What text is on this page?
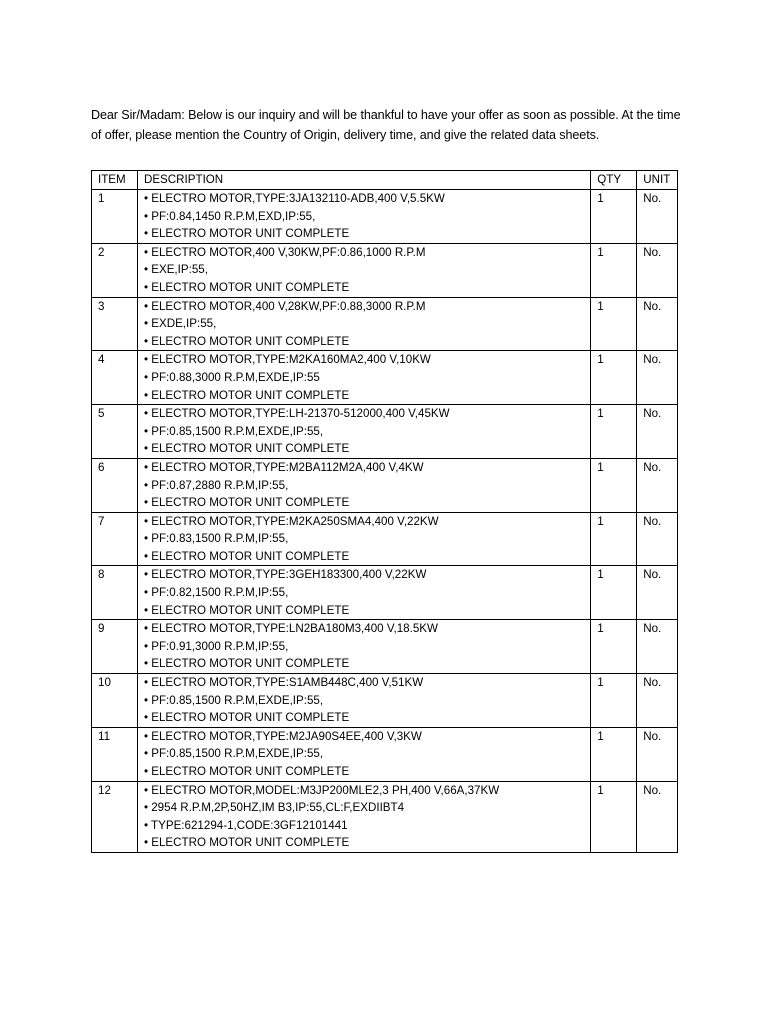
Dear Sir/Madam: Below is our inquiry and will be thankful to have your offer as soon as possible. At the time of offer, please mention the Country of Origin, delivery time, and give the related data sheets.

ITEM	DESCRIPTION	QTY	UNIT
1	• ELECTRO MOTOR,TYPE:3JA132110-ADB,400 V,5.5KW
• PF:0.84,1450 R.P.M,EXD,IP:55,
• ELECTRO MOTOR UNIT COMPLETE	1	No.
2	• ELECTRO MOTOR,400 V,30KW,PF:0.86,1000 R.P.M
• EXE,IP:55,
• ELECTRO MOTOR UNIT COMPLETE	1	No.
3	• ELECTRO MOTOR,400 V,28KW,PF:0.88,3000 R.P.M
• EXDE,IP:55,
• ELECTRO MOTOR UNIT COMPLETE	1	No.
4	• ELECTRO MOTOR,TYPE:M2KA160MA2,400 V,10KW
• PF:0.88,3000 R.P.M,EXDE,IP:55
• ELECTRO MOTOR UNIT COMPLETE	1	No.
5	• ELECTRO MOTOR,TYPE:LH-21370-512000,400 V,45KW
• PF:0.85,1500 R.P.M,EXDE,IP:55,
• ELECTRO MOTOR UNIT COMPLETE	1	No.
6	• ELECTRO MOTOR,TYPE:M2BA112M2A,400 V,4KW
• PF:0.87,2880 R.P.M,IP:55,
• ELECTRO MOTOR UNIT COMPLETE	1	No.
7	• ELECTRO MOTOR,TYPE:M2KA250SMA4,400 V,22KW
• PF:0.83,1500 R.P.M,IP:55,
• ELECTRO MOTOR UNIT COMPLETE	1	No.
8	• ELECTRO MOTOR,TYPE:3GEH183300,400 V,22KW
• PF:0.82,1500 R.P.M,IP:55,
• ELECTRO MOTOR UNIT COMPLETE	1	No.
9	• ELECTRO MOTOR,TYPE:LN2BA180M3,400 V,18.5KW
• PF:0.91,3000 R.P.M,IP:55,
• ELECTRO MOTOR UNIT COMPLETE	1	No.
10	• ELECTRO MOTOR,TYPE:S1AMB448C,400 V,51KW
• PF:0.85,1500 R.P.M,EXDE,IP:55,
• ELECTRO MOTOR UNIT COMPLETE	1	No.
11	• ELECTRO MOTOR,TYPE:M2JA90S4EE,400 V,3KW
• PF:0.85,1500 R.P.M,EXDE,IP:55,
• ELECTRO MOTOR UNIT COMPLETE	1	No.
12	• ELECTRO MOTOR,MODEL:M3JP200MLE2,3 PH,400 V,66A,37KW
• 2954 R.P.M,2P,50HZ,IM B3,IP:55,CL:F,EXDIIBT4
• TYPE:621294-1,CODE:3GF12101441
• ELECTRO MOTOR UNIT COMPLETE	1	No.
